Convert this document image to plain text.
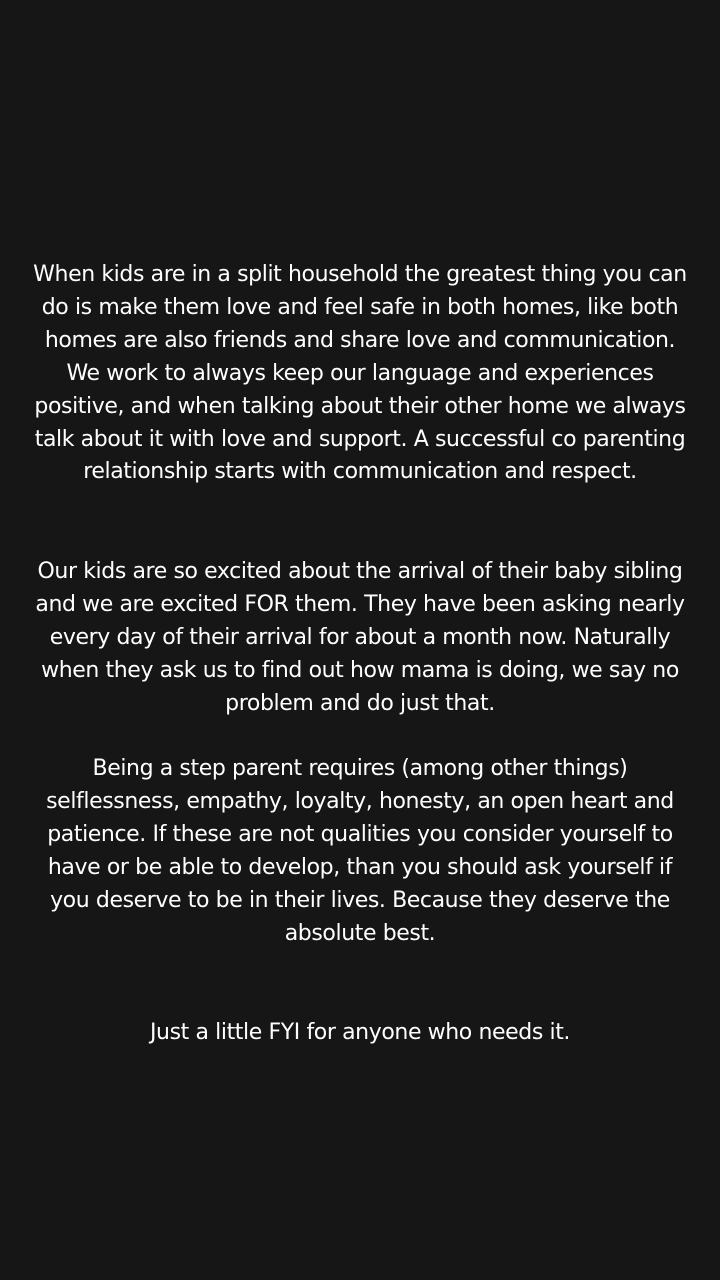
When kids are in a split household the greatest thing you can do is make them love and feel safe in both homes, like both homes are also friends and share love and communication. We work to always keep our language and experiences positive, and when talking about their other home we always talk about it with love and support. A successful co parenting relationship starts with communication and respect.

Our kids are so excited about the arrival of their baby sibling and we are excited FOR them. They have been asking nearly every day of their arrival for about a month now. Naturally when they ask us to find out how mama is doing, we say no problem and do just that.

Being a step parent requires (among other things) selflessness, empathy, loyalty, honesty, an open heart and patience. If these are not qualities you consider yourself to have or be able to develop, than you should ask yourself if you deserve to be in their lives. Because they deserve the absolute best.

Just a little FYI for anyone who needs it.
